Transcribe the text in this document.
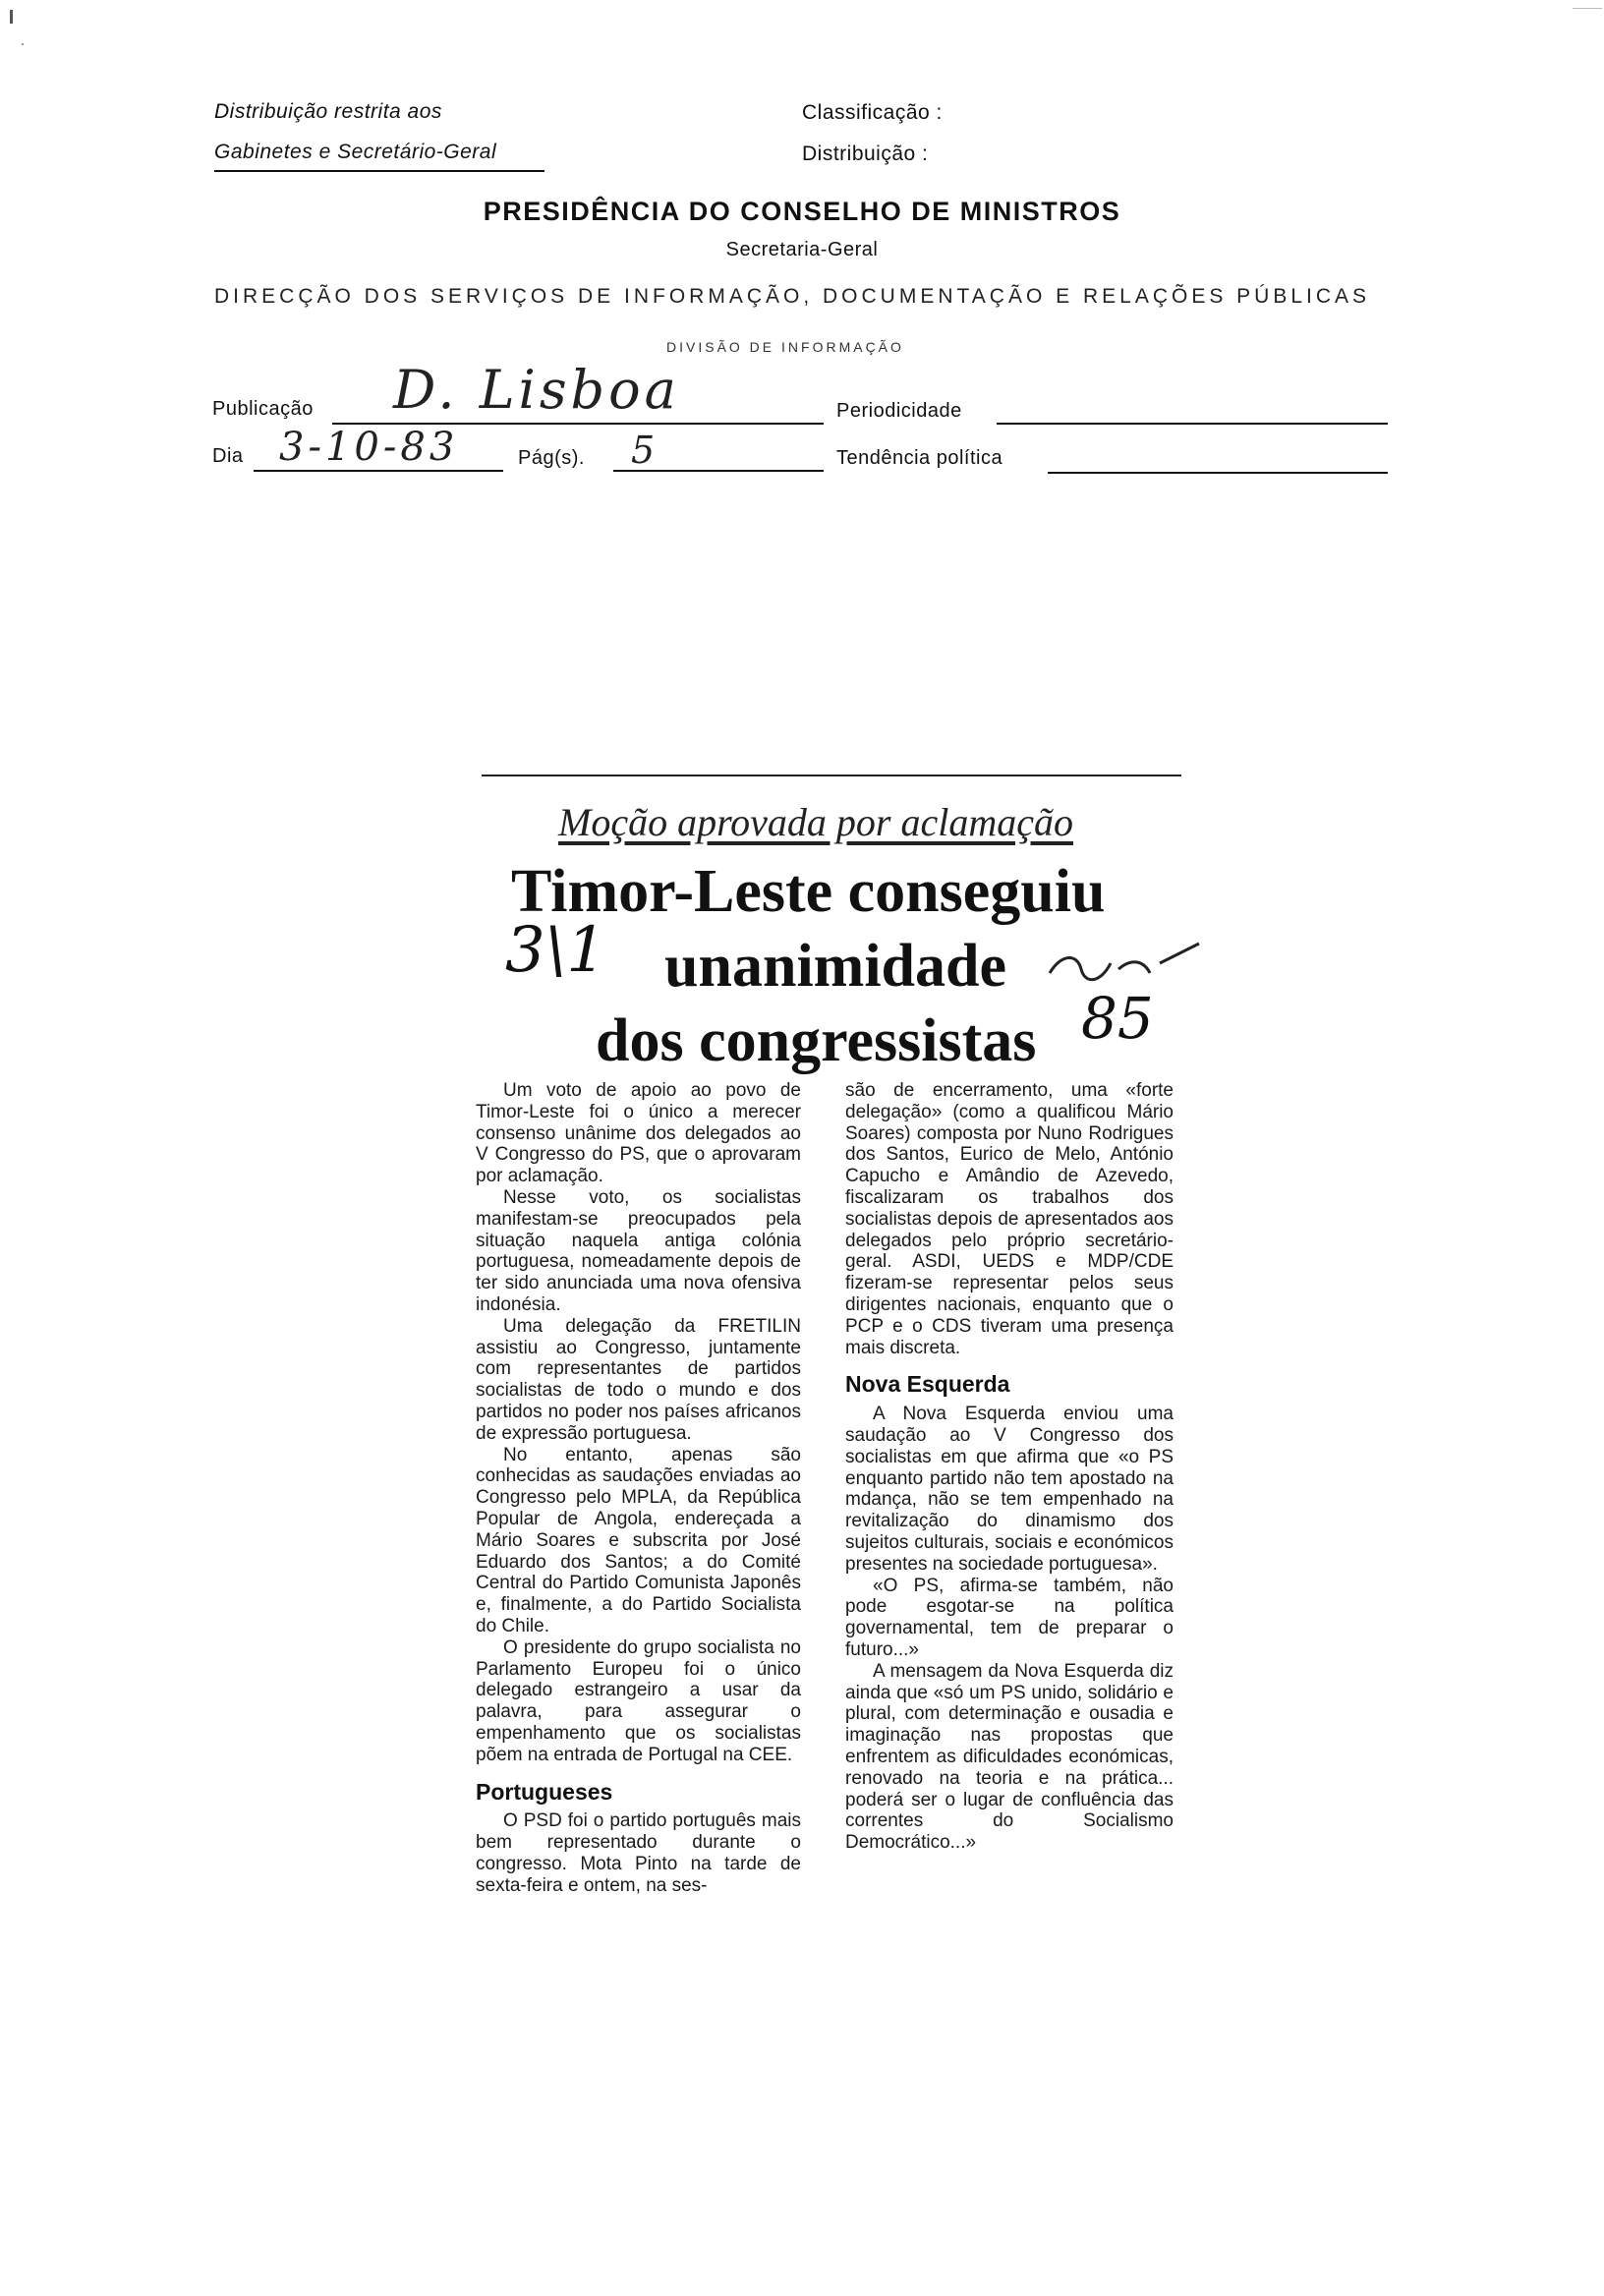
Distribuição restrita aos
Gabinetes e Secretário-Geral
Classificação :
Distribuição :
PRESIDÊNCIA DO CONSELHO DE MINISTROS
Secretaria-Geral
DIRECÇÃO DOS SERVIÇOS DE INFORMAÇÃO, DOCUMENTAÇÃO E RELAÇÕES PÚBLICAS
DIVISÃO DE INFORMAÇÃO
Publicação D. Lisboa	Periodicidade
Dia 3-10-83	Pág(s). 5	Tendência política
Moção aprovada por aclamação
Timor-Leste conseguiu
unanimidade
dos congressistas
3\1
85

Um voto de apoio ao povo de Timor-Leste foi o único a merecer consenso unânime dos delegados ao V Congresso do PS, que o aprovaram por aclamação.

Nesse voto, os socialistas manifestam-se preocupados pela situação naquela antiga colónia portuguesa, nomeadamente depois de ter sido anunciada uma nova ofensiva indonésia.

Uma delegação da FRETILIN assistiu ao Congresso, juntamente com representantes de partidos socialistas de todo o mundo e dos partidos no poder nos países africanos de expressão portuguesa.

No entanto, apenas são conhecidas as saudações enviadas ao Congresso pelo MPLA, da República Popular de Angola, endereçada a Mário Soares e subscrita por José Eduardo dos Santos; a do Comité Central do Partido Comunista Japonês e, finalmente, a do Partido Socialista do Chile.

O presidente do grupo socialista no Parlamento Europeu foi o único delegado estrangeiro a usar da palavra, para assegurar o empenhamento que os socialistas põem na entrada de Portugal na CEE.

Portugueses

O PSD foi o partido português mais bem representado durante o congresso. Mota Pinto na tarde de sexta-feira e ontem, na ses-

são de encerramento, uma «forte delegação» (como a qualificou Mário Soares) composta por Nuno Rodrigues dos Santos, Eurico de Melo, António Capucho e Amândio de Azevedo, fiscalizaram os trabalhos dos socialistas depois de apresentados aos delegados pelo próprio secretário-geral. ASDI, UEDS e MDP/CDE fizeram-se representar pelos seus dirigentes nacionais, enquanto que o PCP e o CDS tiveram uma presença mais discreta.

Nova Esquerda

A Nova Esquerda enviou uma saudação ao V Congresso dos socialistas em que afirma que «o PS enquanto partido não tem apostado na mdança, não se tem empenhado na revitalização do dinamismo dos sujeitos culturais, sociais e económicos presentes na sociedade portuguesa».

«O PS, afirma-se também, não pode esgotar-se na política governamental, tem de preparar o futuro...»

A mensagem da Nova Esquerda diz ainda que «só um PS unido, solidário e plural, com determinação e ousadia e imaginação nas propostas que enfrentem as dificuldades económicas, renovado na teoria e na prática... poderá ser o lugar de confluência das correntes do Socialismo Democrático...»
